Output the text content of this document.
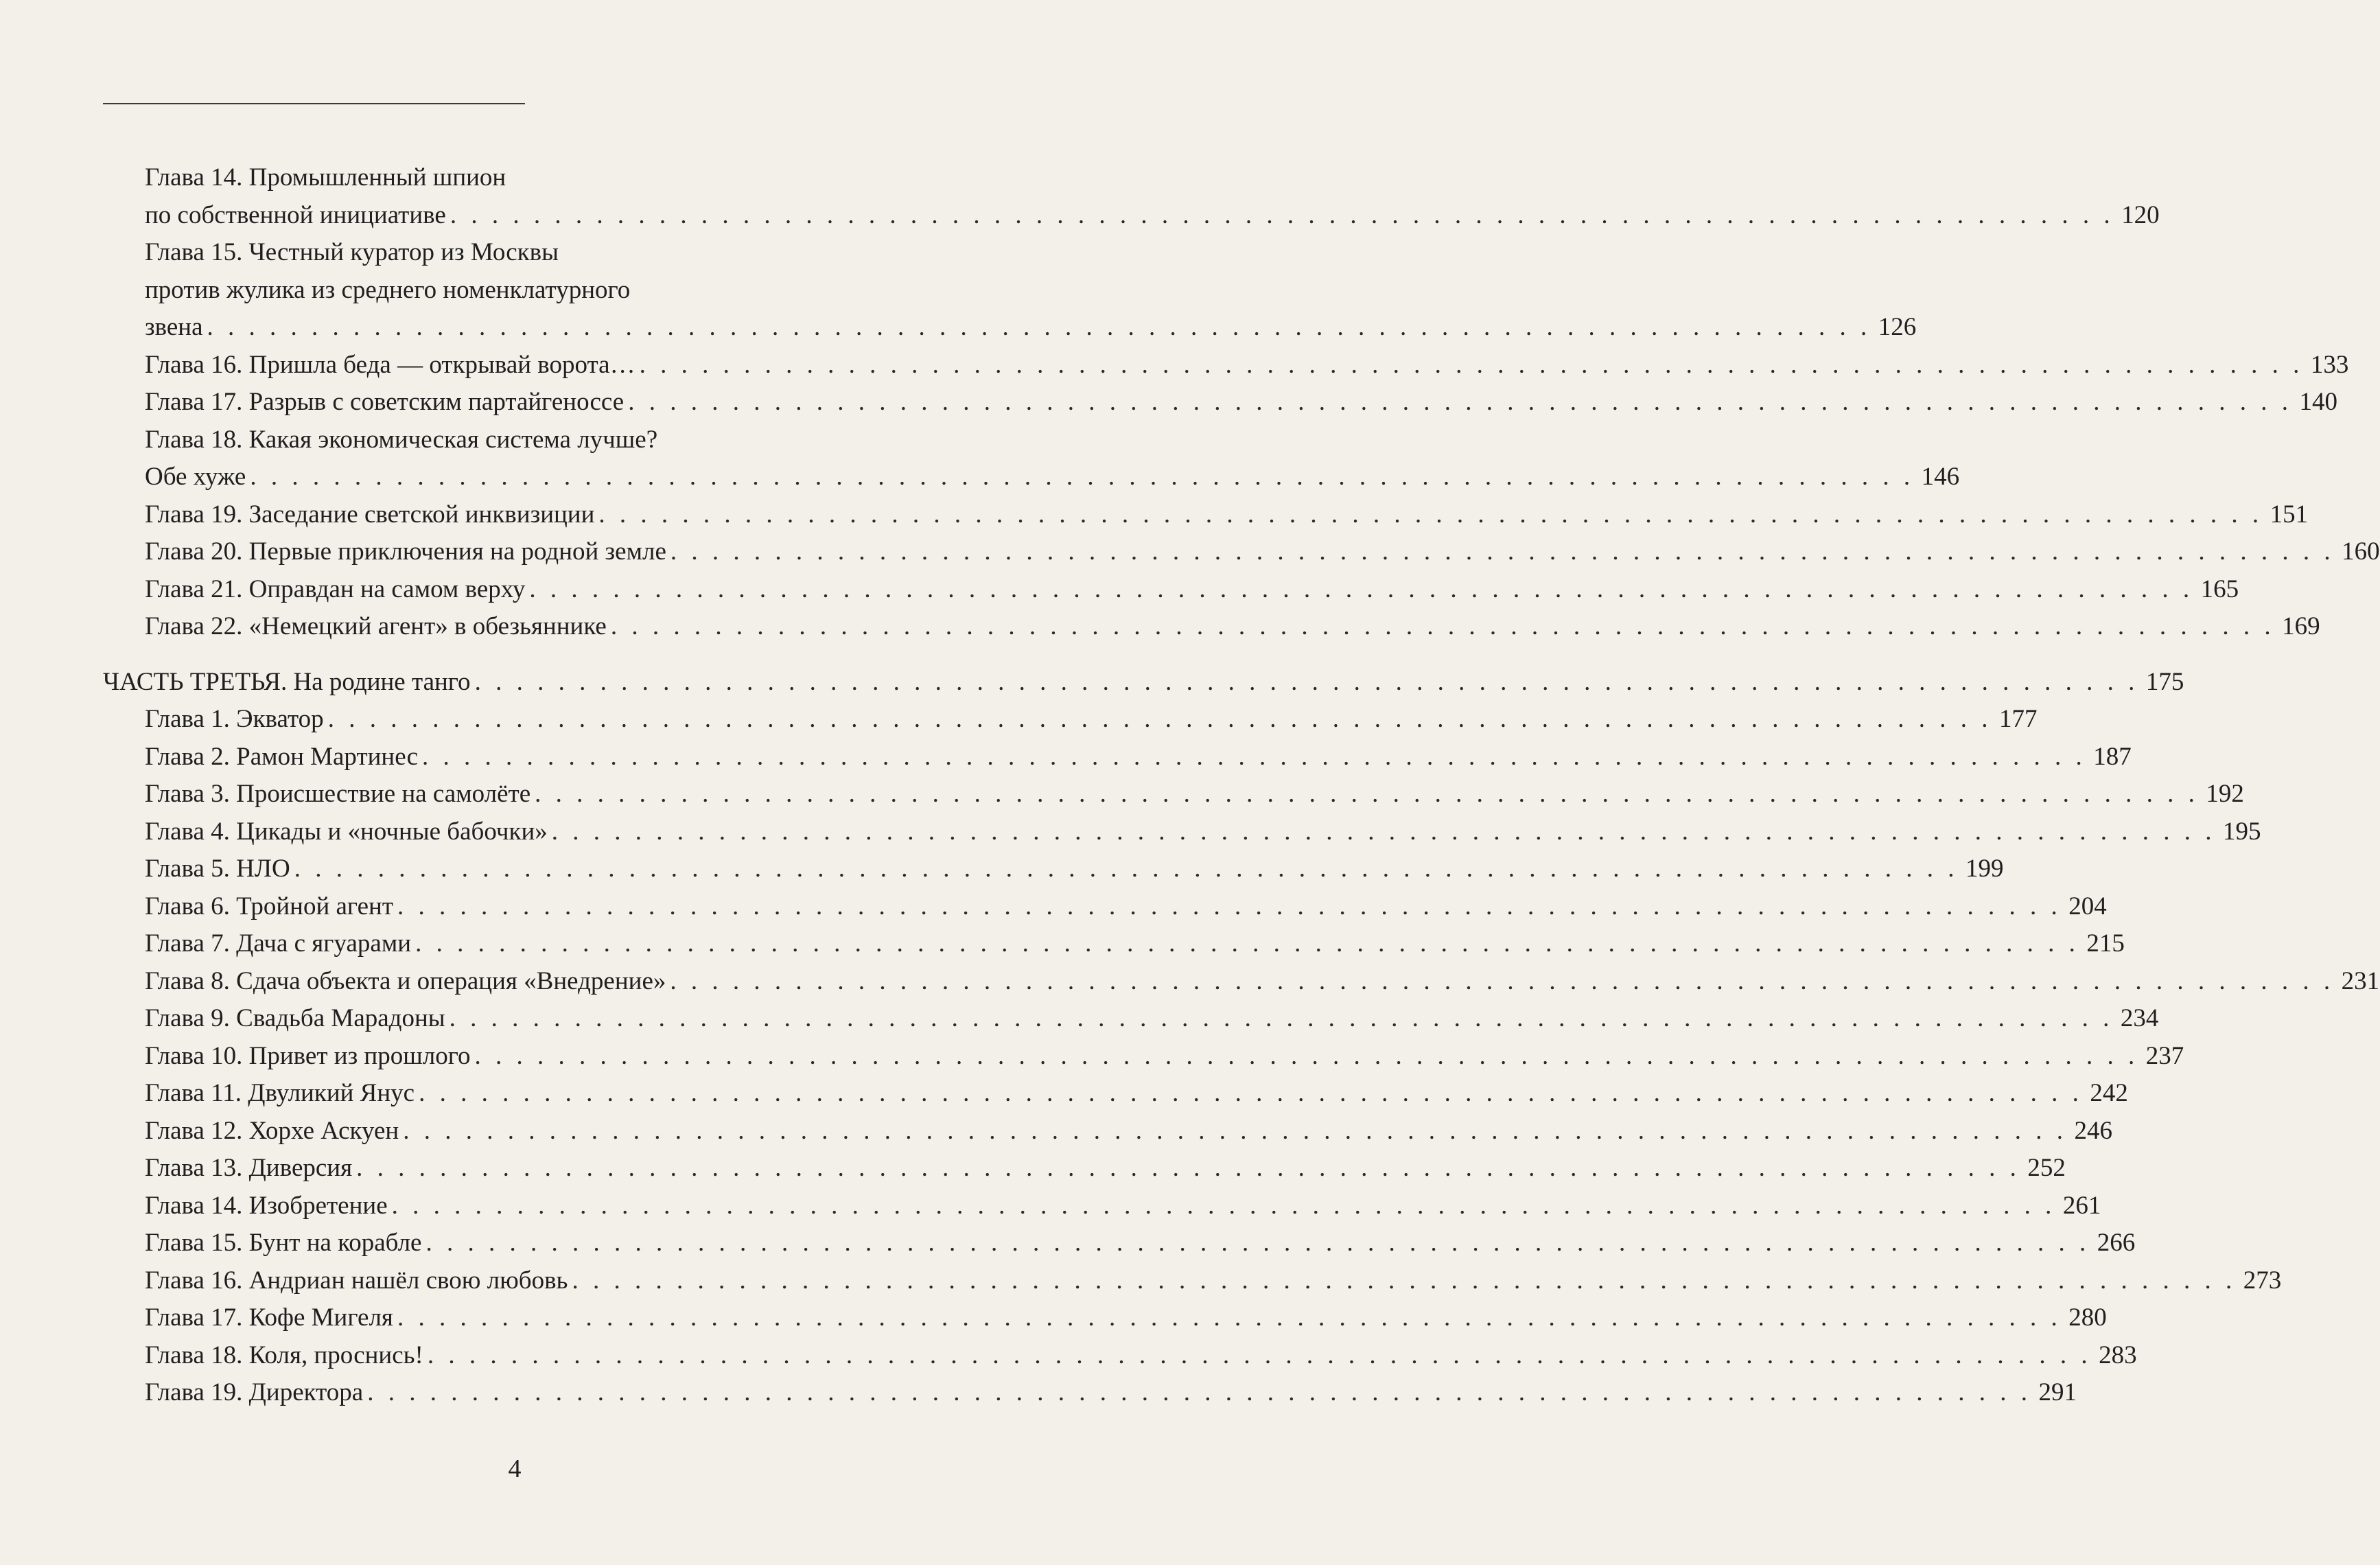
Глава 14. Промышленный шпион
по собственной инициативе . . . . . . . . . . . . . . . . . . . . . . . . . . . . . . . . . . . . . . . . . . . . . . . . . . . . . . . . . . . . . . . . . . . . . . . . . . . . . . . . 120
Глава 15. Честный куратор из Москвы
против жулика из среднего номенклатурного
звена . . . . . . . . . . . . . . . . . . . . . . . . . . . . . . . . . . . . . . . . . . . . . . . . . . . . . . . . . . . . . . . . . . . . . . . . . . . . . . . . 126
Глава 16. Пришла беда — открывай ворота… . . . . . . . . . . . . . . . . . . . . . . . . . . . . . . . . . . . . . . . . . . . . . . . . . . . . . . . . . . . . . . . . . . . . . . . . . . . . . . . . 133
Глава 17. Разрыв с советским партайгеноссе . . . . . . . . . . . . . . . . . . . . . . . . . . . . . . . . . . . . . . . . . . . . . . . . . . . . . . . . . . . . . . . . . . . . . . . . . . . . . . . . 140
Глава 18. Какая экономическая система лучше?
Обе хуже . . . . . . . . . . . . . . . . . . . . . . . . . . . . . . . . . . . . . . . . . . . . . . . . . . . . . . . . . . . . . . . . . . . . . . . . . . . . . . . . 146
Глава 19. Заседание светской инквизиции . . . . . . . . . . . . . . . . . . . . . . . . . . . . . . . . . . . . . . . . . . . . . . . . . . . . . . . . . . . . . . . . . . . . . . . . . . . . . . . . 151
Глава 20. Первые приключения на родной земле . . . . . . . . . . . . . . . . . . . . . . . . . . . . . . . . . . . . . . . . . . . . . . . . . . . . . . . . . . . . . . . . . . . . . . . . . . . . . . . . 160
Глава 21. Оправдан на самом верху . . . . . . . . . . . . . . . . . . . . . . . . . . . . . . . . . . . . . . . . . . . . . . . . . . . . . . . . . . . . . . . . . . . . . . . . . . . . . . . . 165
Глава 22. «Немецкий агент» в обезьяннике . . . . . . . . . . . . . . . . . . . . . . . . . . . . . . . . . . . . . . . . . . . . . . . . . . . . . . . . . . . . . . . . . . . . . . . . . . . . . . . . 169
ЧАСТЬ ТРЕТЬЯ. На родине танго . . . . . . . . . . . . . . . . . . . . . . . . . . . . . . . . . . . . . . . . . . . . . . . . . . . . . . . . . . . . . . . . . . . . . . . . . . . . . . . . 175
Глава 1. Экватор . . . . . . . . . . . . . . . . . . . . . . . . . . . . . . . . . . . . . . . . . . . . . . . . . . . . . . . . . . . . . . . . . . . . . . . . . . . . . . . . 177
Глава 2. Рамон Мартинес . . . . . . . . . . . . . . . . . . . . . . . . . . . . . . . . . . . . . . . . . . . . . . . . . . . . . . . . . . . . . . . . . . . . . . . . . . . . . . . . 187
Глава 3. Происшествие на самолёте . . . . . . . . . . . . . . . . . . . . . . . . . . . . . . . . . . . . . . . . . . . . . . . . . . . . . . . . . . . . . . . . . . . . . . . . . . . . . . . . 192
Глава 4. Цикады и «ночные бабочки» . . . . . . . . . . . . . . . . . . . . . . . . . . . . . . . . . . . . . . . . . . . . . . . . . . . . . . . . . . . . . . . . . . . . . . . . . . . . . . . . 195
Глава 5. НЛО . . . . . . . . . . . . . . . . . . . . . . . . . . . . . . . . . . . . . . . . . . . . . . . . . . . . . . . . . . . . . . . . . . . . . . . . . . . . . . . . 199
Глава 6. Тройной агент . . . . . . . . . . . . . . . . . . . . . . . . . . . . . . . . . . . . . . . . . . . . . . . . . . . . . . . . . . . . . . . . . . . . . . . . . . . . . . . . 204
Глава 7. Дача с ягуарами . . . . . . . . . . . . . . . . . . . . . . . . . . . . . . . . . . . . . . . . . . . . . . . . . . . . . . . . . . . . . . . . . . . . . . . . . . . . . . . . 215
Глава 8. Сдача объекта и операция «Внедрение» . . . . . . . . . . . . . . . . . . . . . . . . . . . . . . . . . . . . . . . . . . . . . . . . . . . . . . . . . . . . . . . . . . . . . . . . . . . . . . . . 231
Глава 9. Свадьба Марадоны . . . . . . . . . . . . . . . . . . . . . . . . . . . . . . . . . . . . . . . . . . . . . . . . . . . . . . . . . . . . . . . . . . . . . . . . . . . . . . . . 234
Глава 10. Привет из прошлого . . . . . . . . . . . . . . . . . . . . . . . . . . . . . . . . . . . . . . . . . . . . . . . . . . . . . . . . . . . . . . . . . . . . . . . . . . . . . . . . 237
Глава 11. Двуликий Янус . . . . . . . . . . . . . . . . . . . . . . . . . . . . . . . . . . . . . . . . . . . . . . . . . . . . . . . . . . . . . . . . . . . . . . . . . . . . . . . . 242
Глава 12. Хорхе Аскуен . . . . . . . . . . . . . . . . . . . . . . . . . . . . . . . . . . . . . . . . . . . . . . . . . . . . . . . . . . . . . . . . . . . . . . . . . . . . . . . . 246
Глава 13. Диверсия . . . . . . . . . . . . . . . . . . . . . . . . . . . . . . . . . . . . . . . . . . . . . . . . . . . . . . . . . . . . . . . . . . . . . . . . . . . . . . . . 252
Глава 14. Изобретение . . . . . . . . . . . . . . . . . . . . . . . . . . . . . . . . . . . . . . . . . . . . . . . . . . . . . . . . . . . . . . . . . . . . . . . . . . . . . . . . 261
Глава 15. Бунт на корабле . . . . . . . . . . . . . . . . . . . . . . . . . . . . . . . . . . . . . . . . . . . . . . . . . . . . . . . . . . . . . . . . . . . . . . . . . . . . . . . . 266
Глава 16. Андриан нашёл свою любовь . . . . . . . . . . . . . . . . . . . . . . . . . . . . . . . . . . . . . . . . . . . . . . . . . . . . . . . . . . . . . . . . . . . . . . . . . . . . . . . . 273
Глава 17. Кофе Мигеля . . . . . . . . . . . . . . . . . . . . . . . . . . . . . . . . . . . . . . . . . . . . . . . . . . . . . . . . . . . . . . . . . . . . . . . . . . . . . . . . 280
Глава 18. Коля, проснись! . . . . . . . . . . . . . . . . . . . . . . . . . . . . . . . . . . . . . . . . . . . . . . . . . . . . . . . . . . . . . . . . . . . . . . . . . . . . . . . . 283
Глава 19. Директора . . . . . . . . . . . . . . . . . . . . . . . . . . . . . . . . . . . . . . . . . . . . . . . . . . . . . . . . . . . . . . . . . . . . . . . . . . . . . . . . 291
4
